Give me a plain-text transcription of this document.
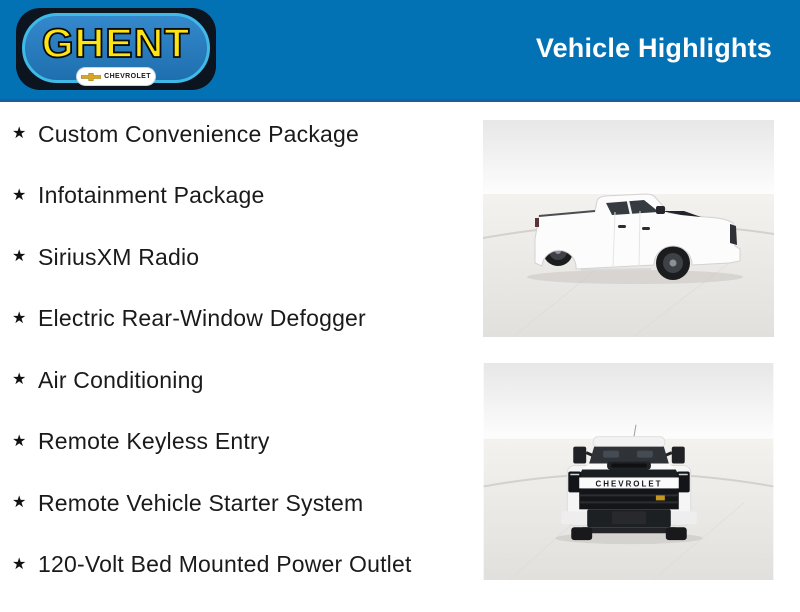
GHENT
CHEVROLET
Vehicle Highlights
★ Custom Convenience Package
★ Infotainment Package
★ SiriusXM Radio
★ Electric Rear-Window Defogger
★ Air Conditioning
★ Remote Keyless Entry
★ Remote Vehicle Starter System
★ 120-Volt Bed Mounted Power Outlet
CHEVROLET
